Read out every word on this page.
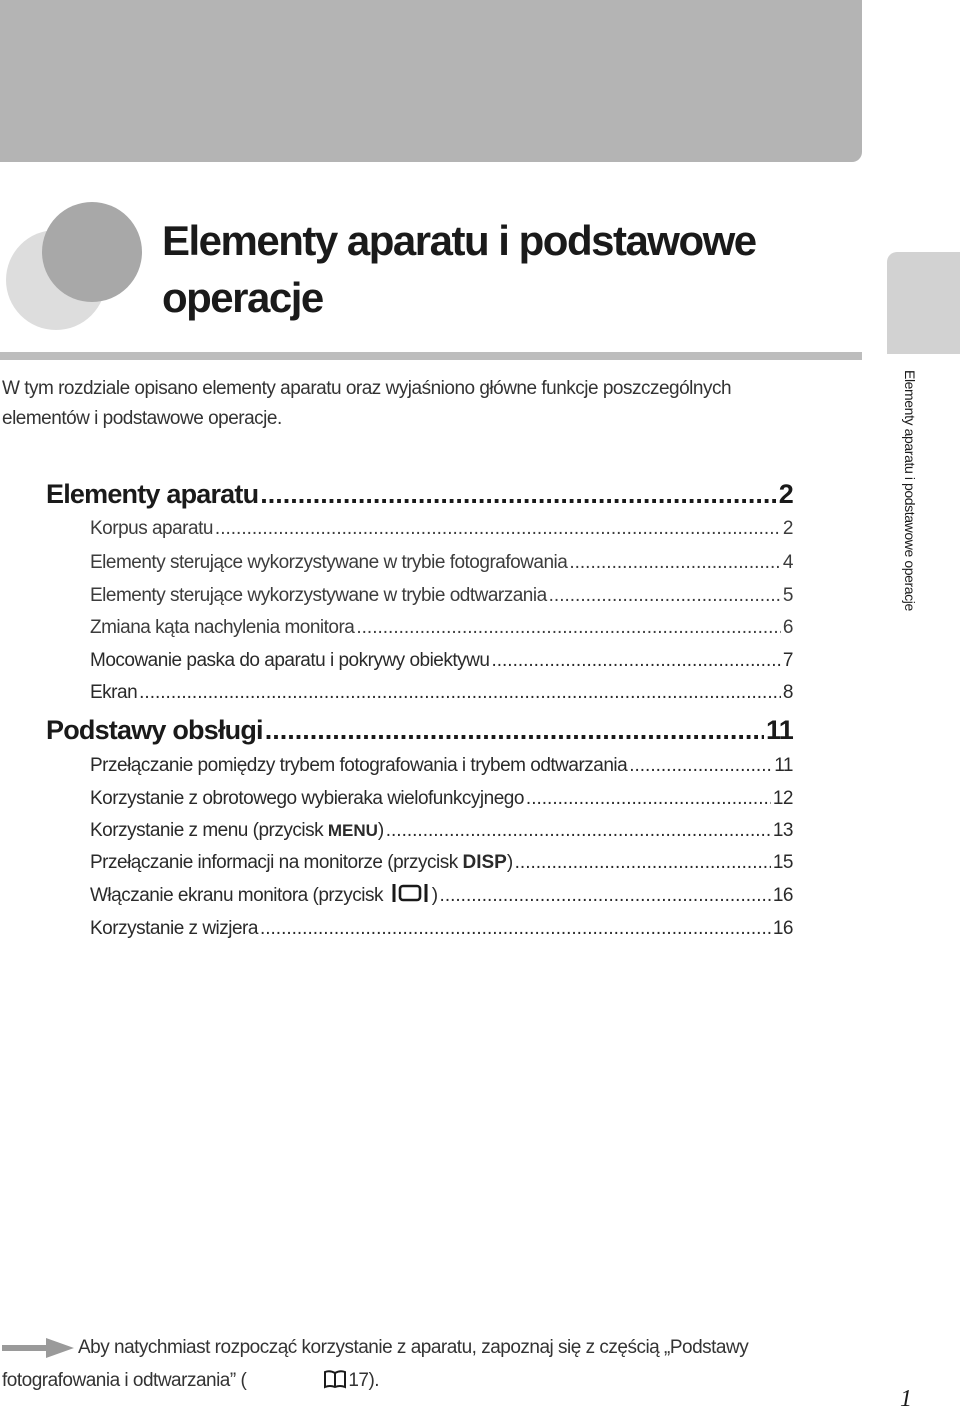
Elementy aparatu i podstawowe operacje
Elementy aparatu i podstawowe operacje

W tym rozdziale opisano elementy aparatu oraz wyjaśniono główne funkcje poszczególnych elementów i podstawowe operacje.

Elementy aparatu .....	2
Korpus aparatu .....	2
Elementy sterujące wykorzystywane w trybie fotografowania .....	4
Elementy sterujące wykorzystywane w trybie odtwarzania .....	5
Zmiana kąta nachylenia monitora .....	6
Mocowanie paska do aparatu i pokrywy obiektywu .....	7
Ekran .....	8
Podstawy obsługi .....	11
Przełączanie pomiędzy trybem fotografowania i trybem odtwarzania .....	11
Korzystanie z obrotowego wybieraka wielofunkcyjnego .....	12
Korzystanie z menu (przycisk MENU) .....	13
Przełączanie informacji na monitorze (przycisk DISP) .....	15
Włączanie ekranu monitora (przycisk ) .....	16
Korzystanie z wizjera .....	16

Aby natychmiast rozpocząć korzystanie z aparatu, zapoznaj się z częścią „Podstawy fotografowania i odtwarzania” (	17).

1
